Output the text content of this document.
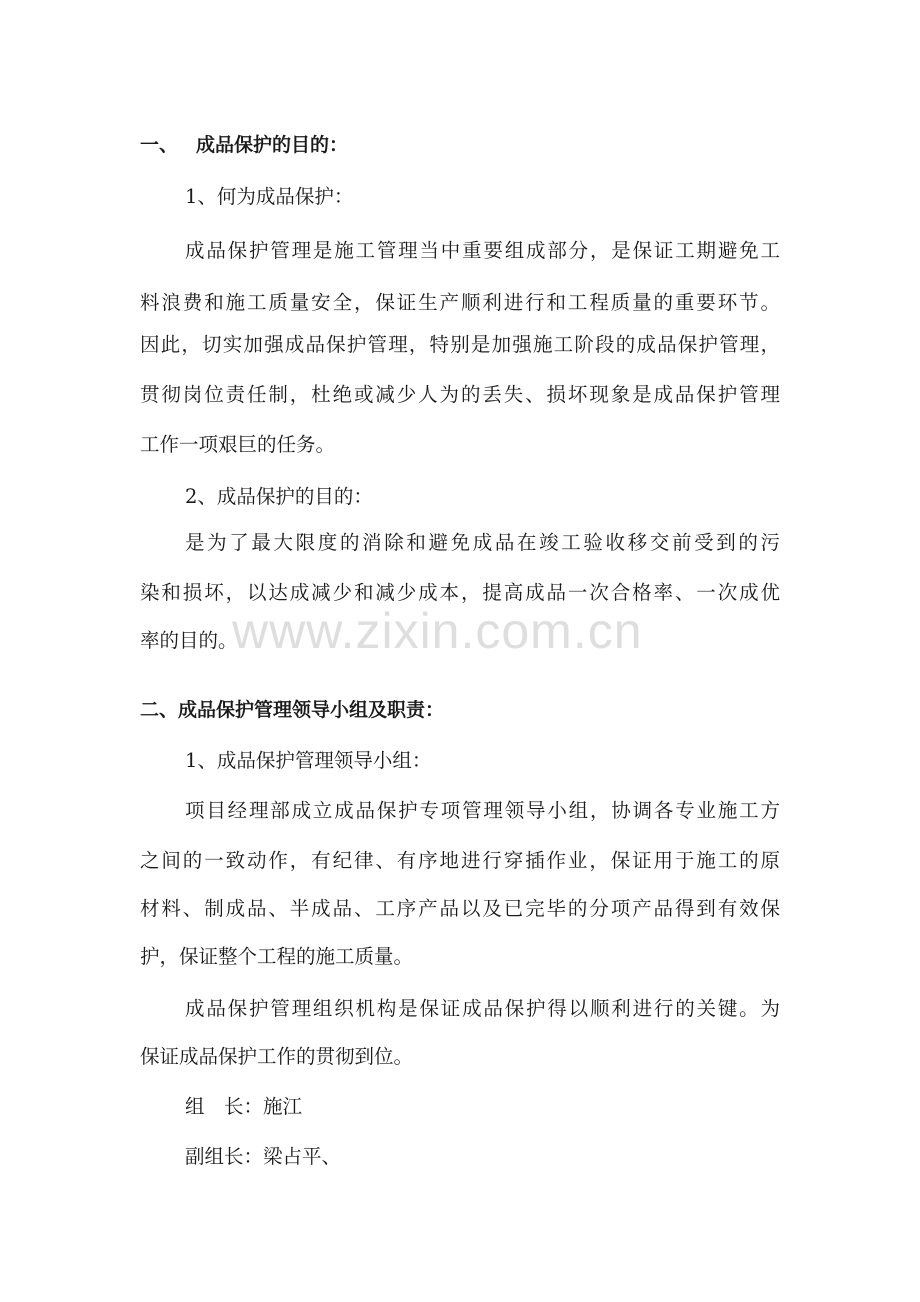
一、 成品保护的目的：
1、何为成品保护：
成品保护管理是施工管理当中重要组成部分，是保证工期避免工
料浪费和施工质量安全，保证生产顺利进行和工程质量的重要环节。
因此，切实加强成品保护管理，特别是加强施工阶段的成品保护管理，
贯彻岗位责任制，杜绝或减少人为的丢失、损坏现象是成品保护管理
工作一项艰巨的任务。
2、成品保护的目的：
是为了最大限度的消除和避免成品在竣工验收移交前受到的污
染和损坏，以达成减少和减少成本，提高成品一次合格率、一次成优
率的目的。
二、成品保护管理领导小组及职责：
1、成品保护管理领导小组：
项目经理部成立成品保护专项管理领导小组，协调各专业施工方
之间的一致动作，有纪律、有序地进行穿插作业，保证用于施工的原
材料、制成品、半成品、工序产品以及已完毕的分项产品得到有效保
护，保证整个工程的施工质量。
成品保护管理组织机构是保证成品保护得以顺利进行的关键。为
保证成品保护工作的贯彻到位。
组　长：施江
副组长：梁占平、
www.zixin.com.cn
